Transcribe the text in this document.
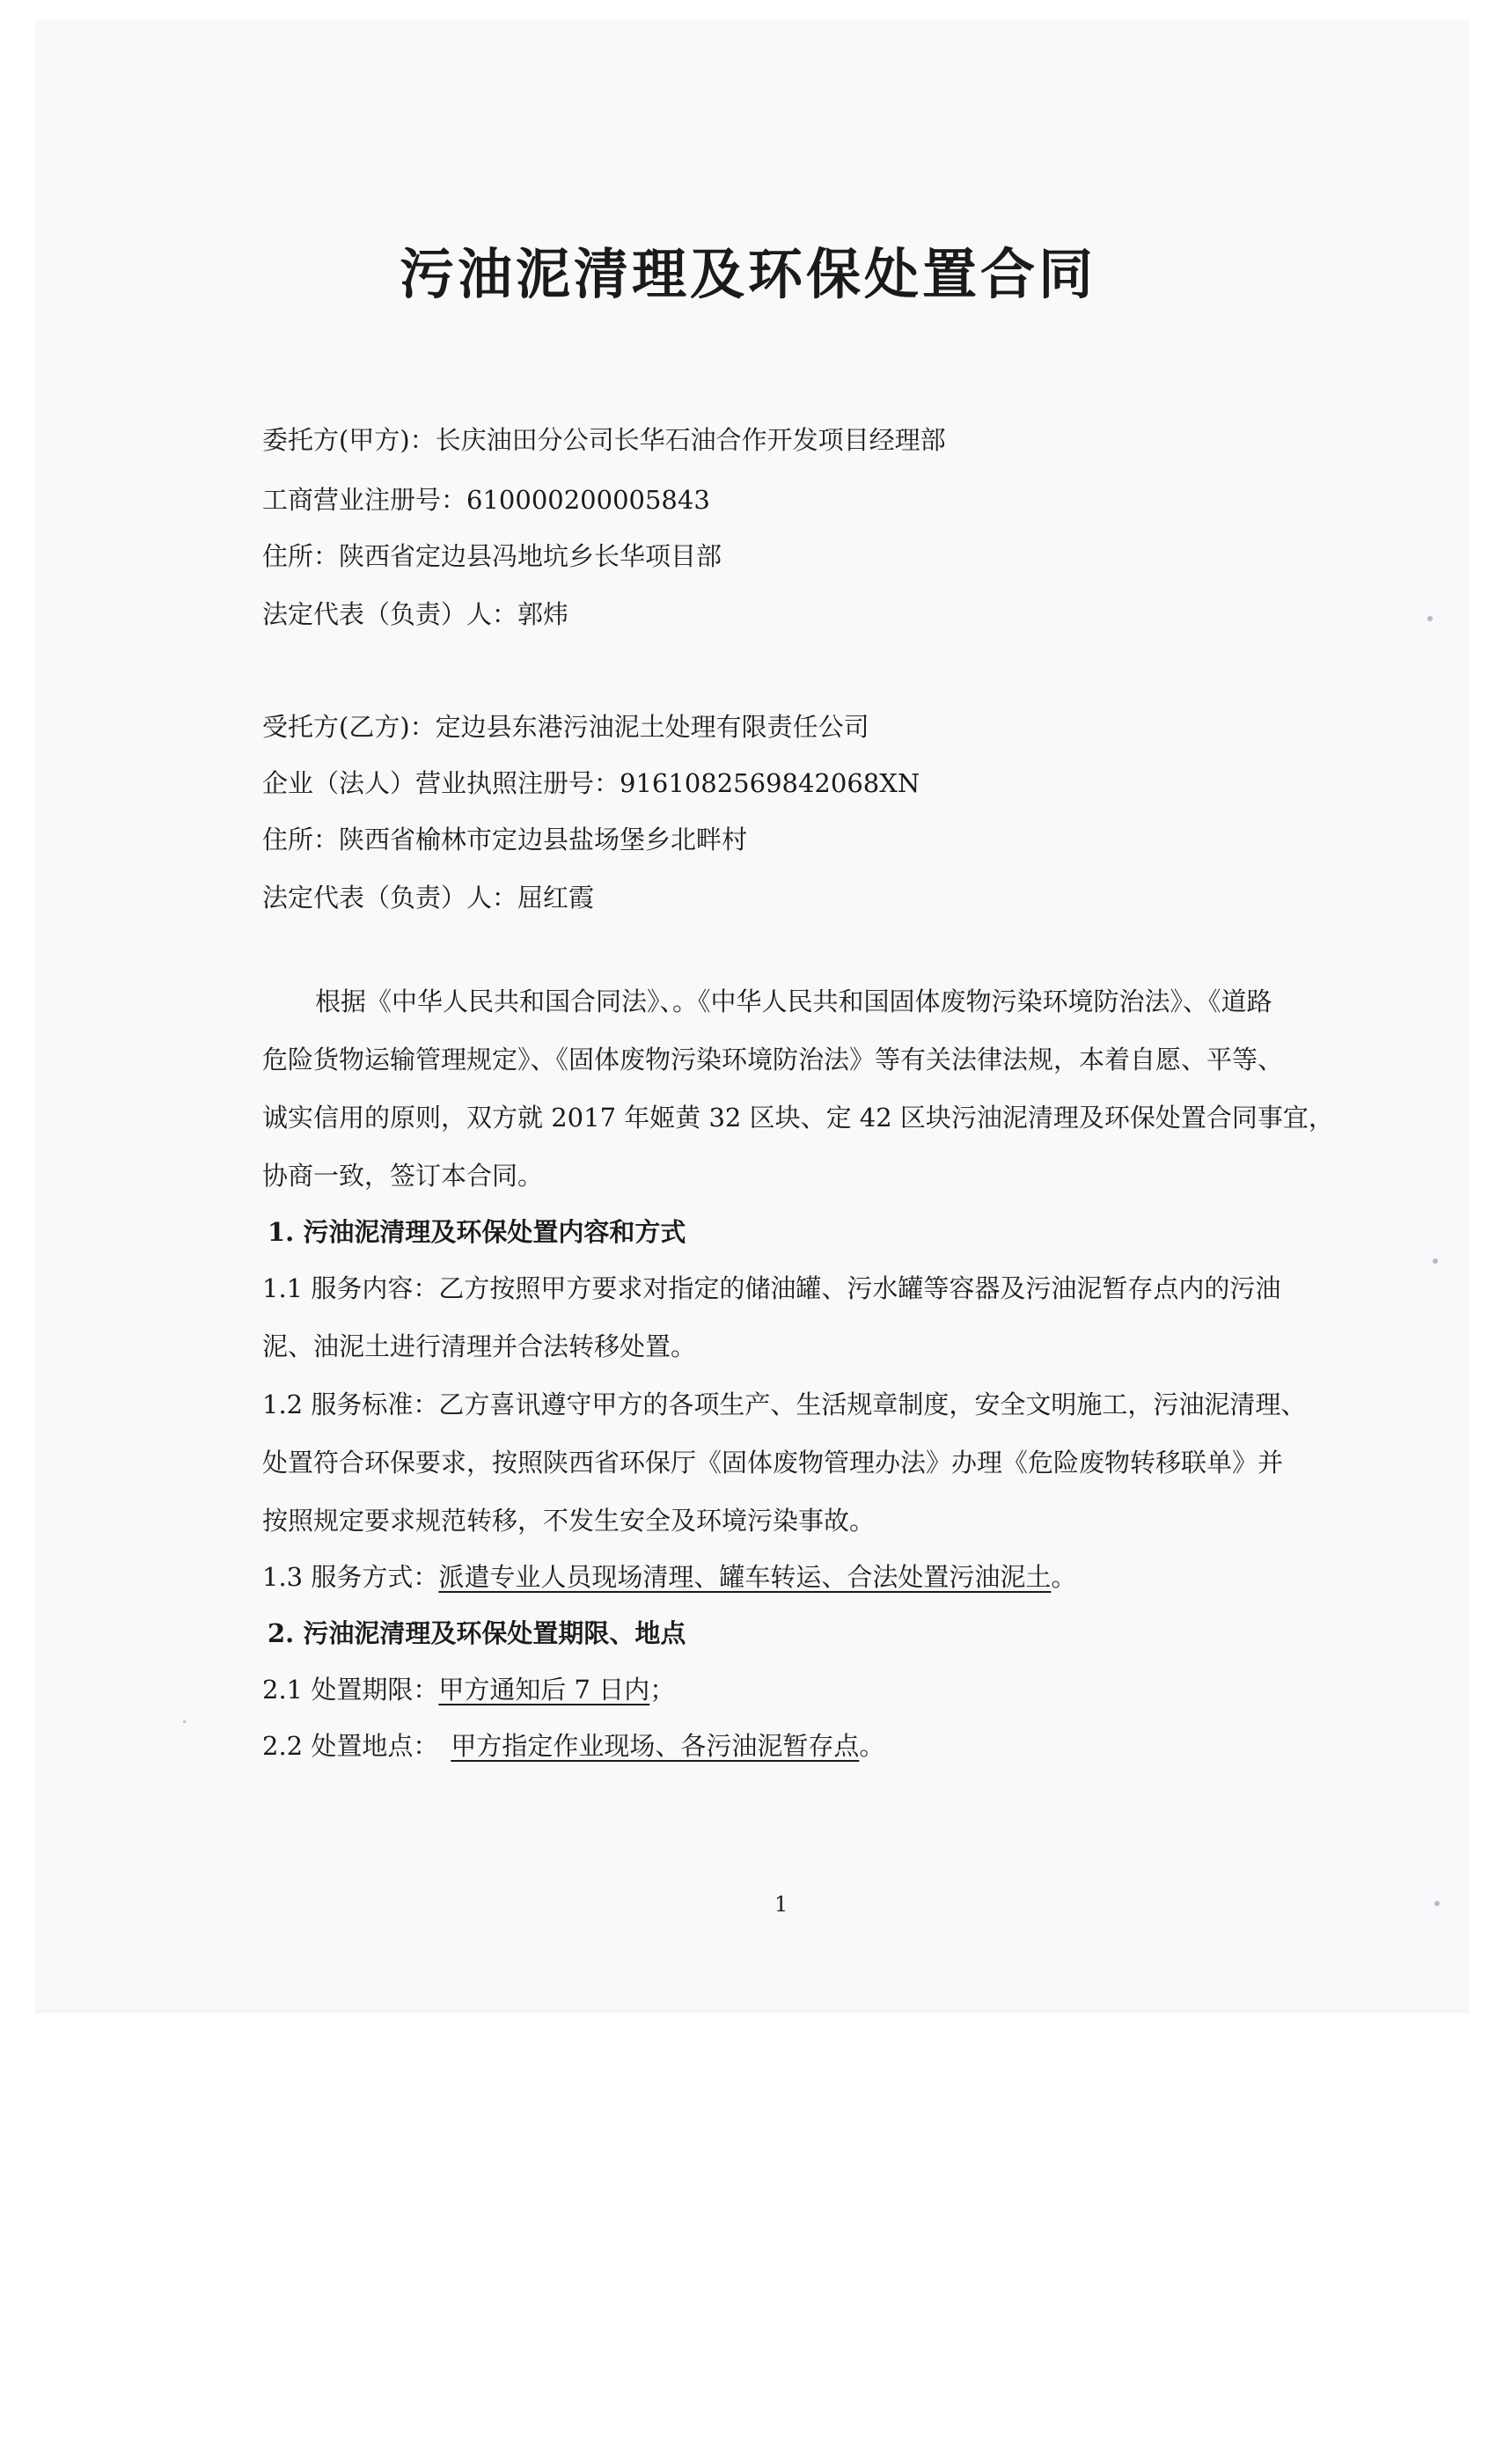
污油泥清理及环保处置合同
委托方(甲方)：长庆油田分公司长华石油合作开发项目经理部
工商营业注册号：610000200005843
住所：陕西省定边县冯地坑乡长华项目部
法定代表（负责）人：郭炜
受托方(乙方)：定边县东港污油泥土处理有限责任公司
企业（法人）营业执照注册号：9161082569842068XN
住所：陕西省榆林市定边县盐场堡乡北畔村
法定代表（负责）人：屈红霞
根据《中华人民共和国合同法》、。《中华人民共和国固体废物污染环境防治法》、《道路
危险货物运输管理规定》、《固体废物污染环境防治法》等有关法律法规，本着自愿、平等、
诚实信用的原则，双方就 2017 年姬黄 32 区块、定 42 区块污油泥清理及环保处置合同事宜，
协商一致，签订本合同。
1. 污油泥清理及环保处置内容和方式
1.1 服务内容：乙方按照甲方要求对指定的储油罐、污水罐等容器及污油泥暂存点内的污油
泥、油泥土进行清理并合法转移处置。
1.2 服务标准：乙方喜讯遵守甲方的各项生产、生活规章制度，安全文明施工，污油泥清理、
处置符合环保要求，按照陕西省环保厅《固体废物管理办法》办理《危险废物转移联单》并
按照规定要求规范转移，不发生安全及环境污染事故。
1.3 服务方式：派遣专业人员现场清理、罐车转运、合法处置污油泥土。
2. 污油泥清理及环保处置期限、地点
2.1 处置期限：甲方通知后 7 日内；
2.2 处置地点： 甲方指定作业现场、各污油泥暂存点。
1
